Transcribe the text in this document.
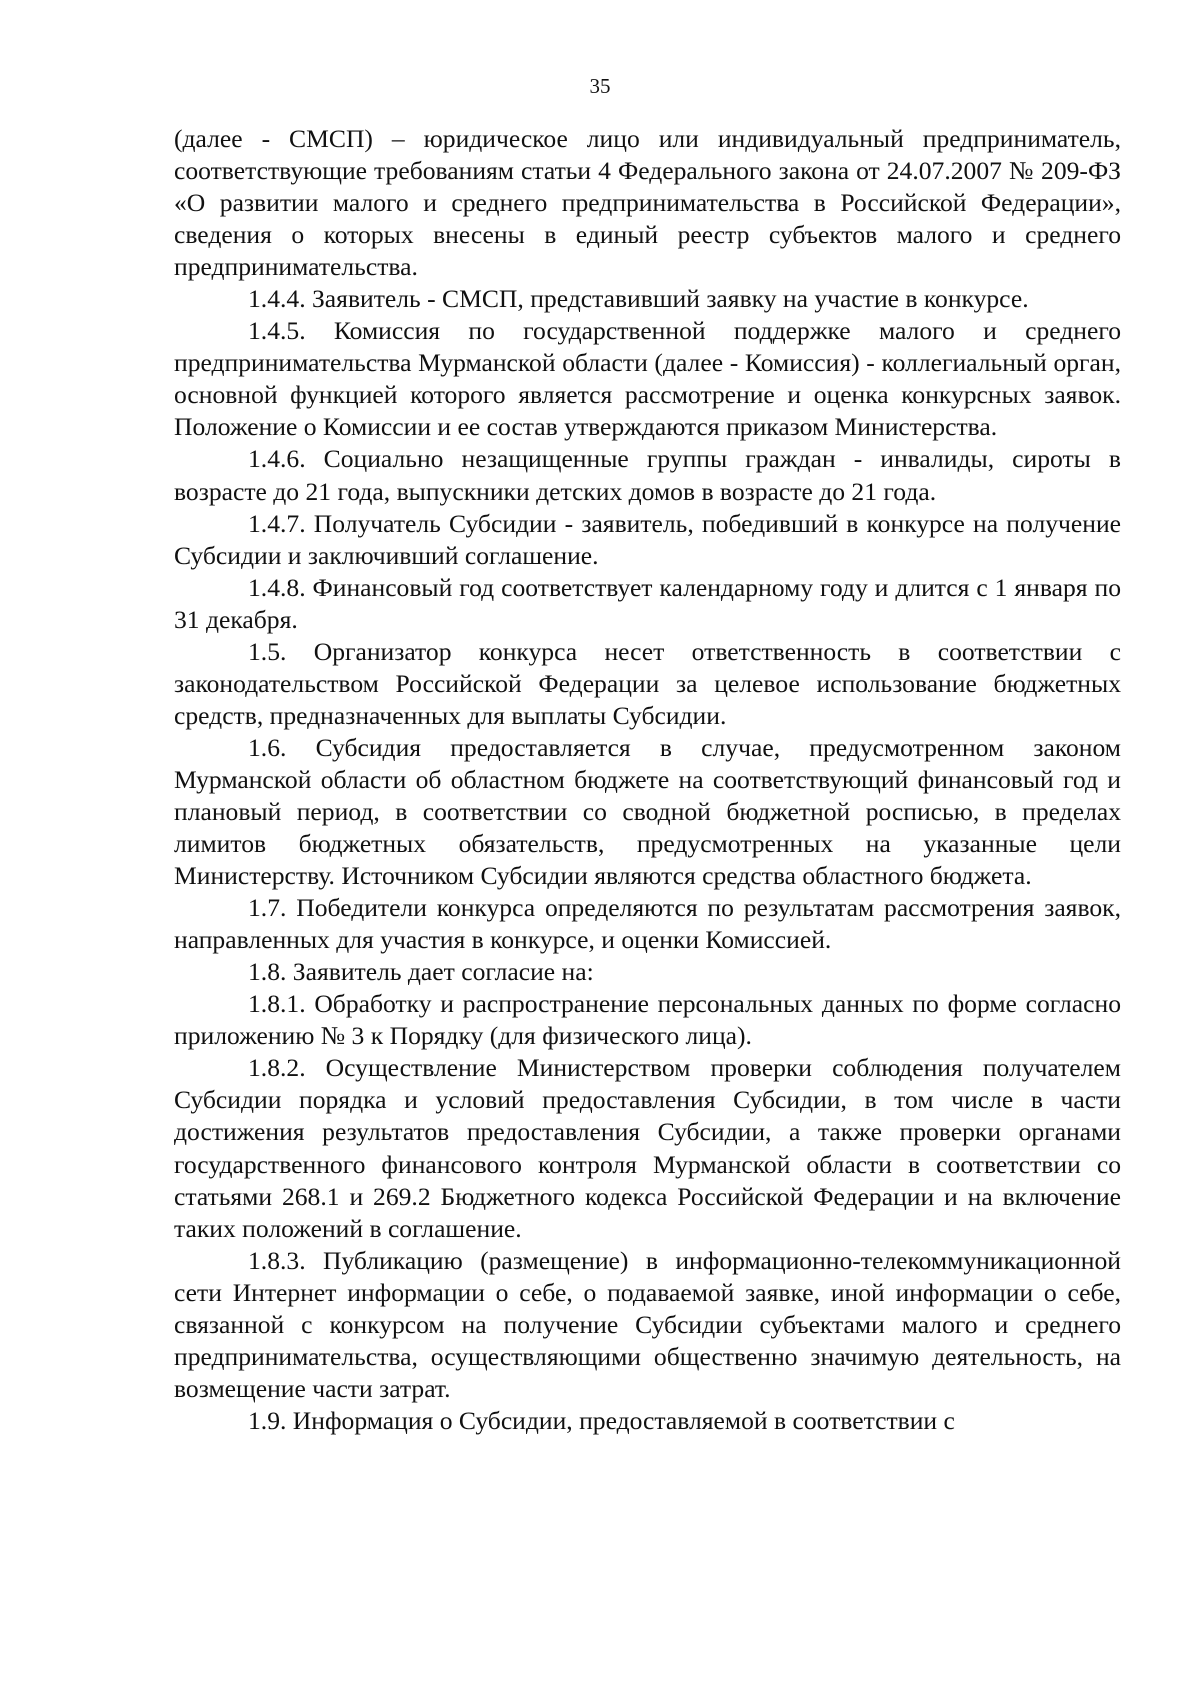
35

(далее - СМСП) – юридическое лицо или индивидуальный предприниматель, соответствующие требованиям статьи 4 Федерального закона от 24.07.2007 № 209-ФЗ «О развитии малого и среднего предпринимательства в Российской Федерации», сведения о которых внесены в единый реестр субъектов малого и среднего предпринимательства.

1.4.4. Заявитель - СМСП, представивший заявку на участие в конкурсе.

1.4.5. Комиссия по государственной поддержке малого и среднего предпринимательства Мурманской области (далее - Комиссия) - коллегиальный орган, основной функцией которого является рассмотрение и оценка конкурсных заявок. Положение о Комиссии и ее состав утверждаются приказом Министерства.

1.4.6. Социально незащищенные группы граждан - инвалиды, сироты в возрасте до 21 года, выпускники детских домов в возрасте до 21 года.

1.4.7. Получатель Субсидии - заявитель, победивший в конкурсе на получение Субсидии и заключивший соглашение.

1.4.8. Финансовый год соответствует календарному году и длится с 1 января по 31 декабря.

1.5. Организатор конкурса несет ответственность в соответствии с законодательством Российской Федерации за целевое использование бюджетных средств, предназначенных для выплаты Субсидии.

1.6. Субсидия предоставляется в случае, предусмотренном законом Мурманской области об областном бюджете на соответствующий финансовый год и плановый период, в соответствии со сводной бюджетной росписью, в пределах лимитов бюджетных обязательств, предусмотренных на указанные цели Министерству. Источником Субсидии являются средства областного бюджета.

1.7. Победители конкурса определяются по результатам рассмотрения заявок, направленных для участия в конкурсе, и оценки Комиссией.

1.8. Заявитель дает согласие на:

1.8.1. Обработку и распространение персональных данных по форме согласно приложению № 3 к Порядку (для физического лица).

1.8.2. Осуществление Министерством проверки соблюдения получателем Субсидии порядка и условий предоставления Субсидии, в том числе в части достижения результатов предоставления Субсидии, а также проверки органами государственного финансового контроля Мурманской области в соответствии со статьями 268.1 и 269.2 Бюджетного кодекса Российской Федерации и на включение таких положений в соглашение.

1.8.3. Публикацию (размещение) в информационно-телекоммуникационной сети Интернет информации о себе, о подаваемой заявке, иной информации о себе, связанной с конкурсом на получение Субсидии субъектами малого и среднего предпринимательства, осуществляющими общественно значимую деятельность, на возмещение части затрат.

1.9. Информация о Субсидии, предоставляемой в соответствии с
